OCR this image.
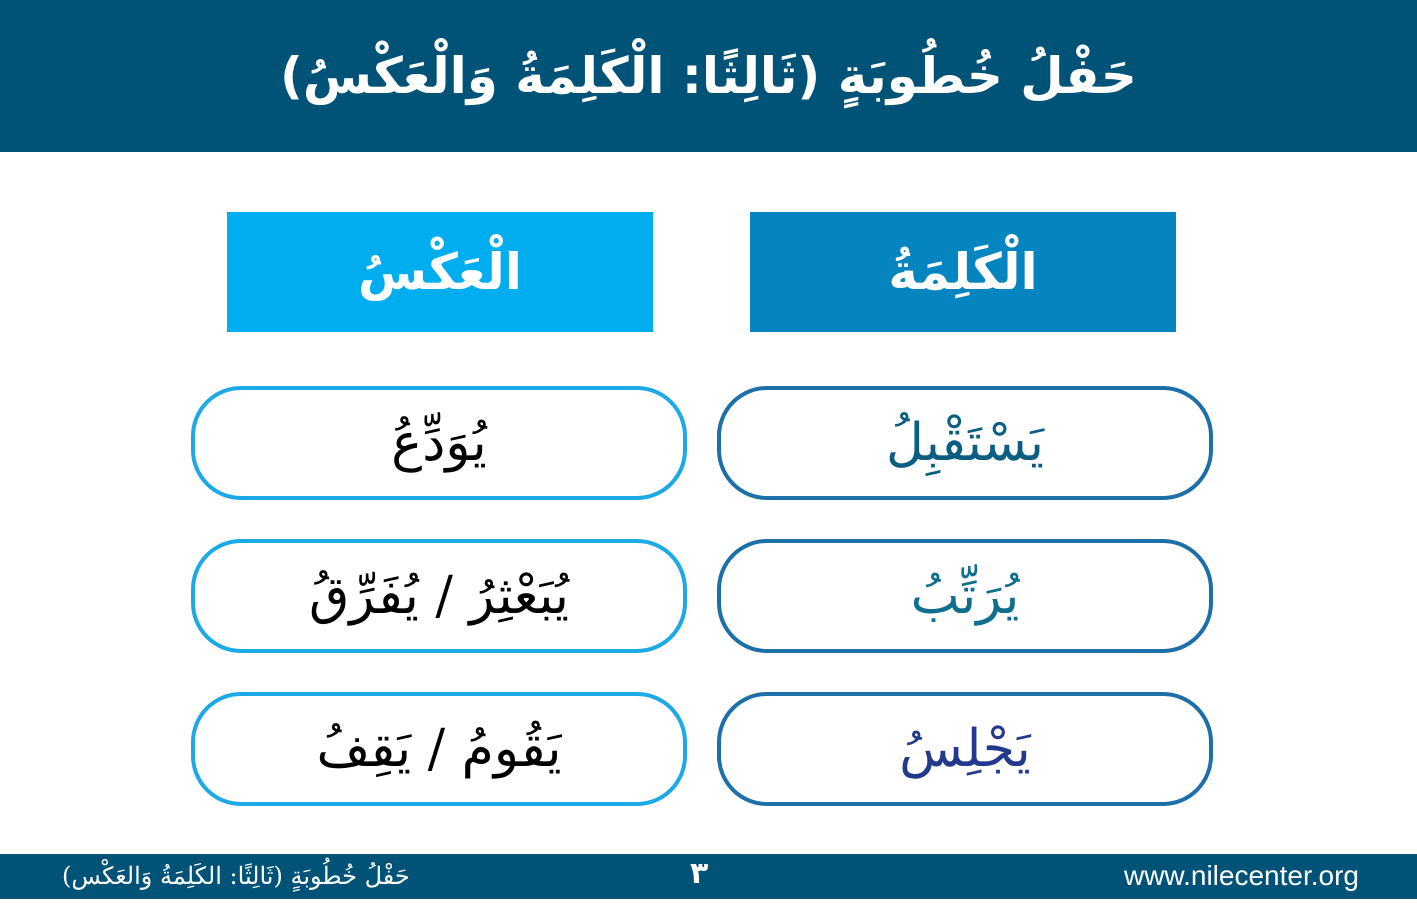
حَفْلُ خُطُوبَةٍ (ثَالِثًا: الْكَلِمَةُ وَالْعَكْسُ)
الْكَلِمَةُ
الْعَكْسُ
يَسْتَقْبِلُ
يُوَدِّعُ
يُرَتِّبُ
يُبَعْثِرُ / يُفَرِّقُ
يَجْلِسُ
يَقُومُ / يَقِفُ
حَفْلُ خُطُوبَةٍ (ثَالِثًا: الكَلِمَةُ وَالعَكْس)	٣	www.nilecenter.org
